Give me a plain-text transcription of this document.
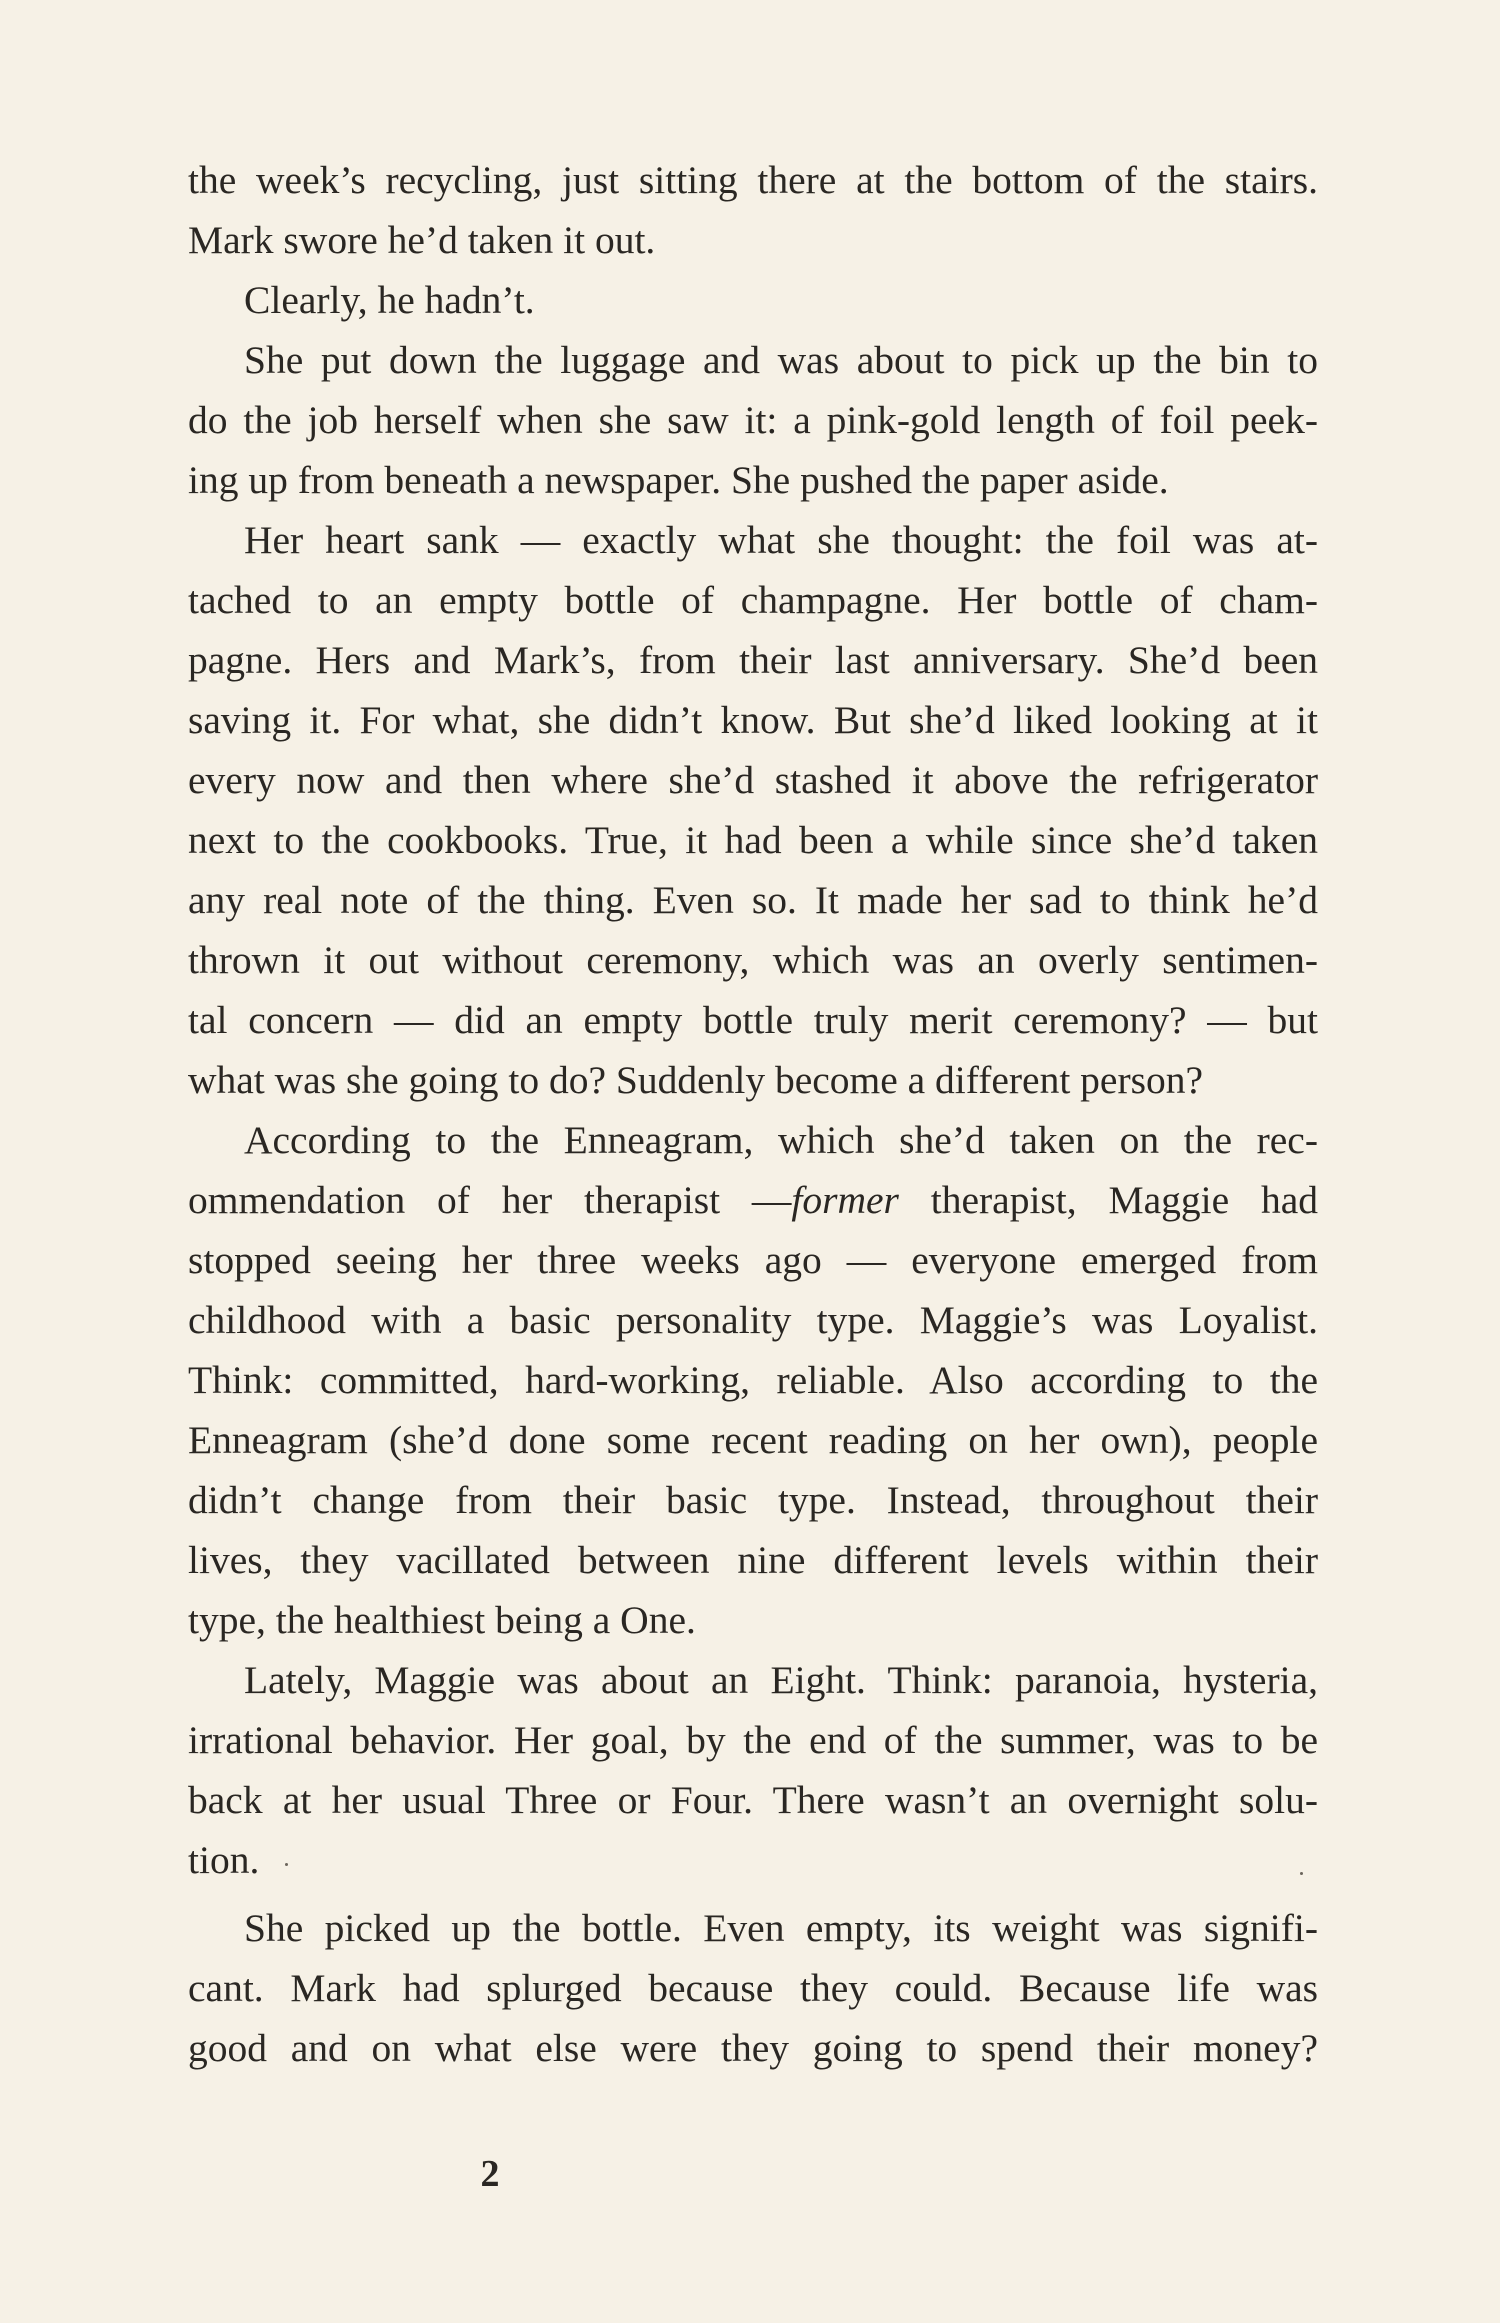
the week’s recycling, just sitting there at the bottom of the stairs.
Mark swore he’d taken it out.
Clearly, he hadn’t.
She put down the luggage and was about to pick up the bin to
do the job herself when she saw it: a pink-gold length of foil peek-
ing up from beneath a newspaper. She pushed the paper aside.
Her heart sank — exactly what she thought: the foil was at-
tached to an empty bottle of champagne. Her bottle of cham-
pagne. Hers and Mark’s, from their last anniversary. She’d been
saving it. For what, she didn’t know. But she’d liked looking at it
every now and then where she’d stashed it above the refrigerator
next to the cookbooks. True, it had been a while since she’d taken
any real note of the thing. Even so. It made her sad to think he’d
thrown it out without ceremony, which was an overly sentimen-
tal concern — did an empty bottle truly merit ceremony? — but
what was she going to do? Suddenly become a different person?
According to the Enneagram, which she’d taken on the rec-
ommendation of her therapist —former therapist, Maggie had
stopped seeing her three weeks ago — everyone emerged from
childhood with a basic personality type. Maggie’s was Loyalist.
Think: committed, hard-working, reliable. Also according to the
Enneagram (she’d done some recent reading on her own), people
didn’t change from their basic type. Instead, throughout their
lives, they vacillated between nine different levels within their
type, the healthiest being a One.
Lately, Maggie was about an Eight. Think: paranoia, hysteria,
irrational behavior. Her goal, by the end of the summer, was to be
back at her usual Three or Four. There wasn’t an overnight solu-
tion.
She picked up the bottle. Even empty, its weight was signifi-
cant. Mark had splurged because they could. Because life was
good and on what else were they going to spend their money?
2
